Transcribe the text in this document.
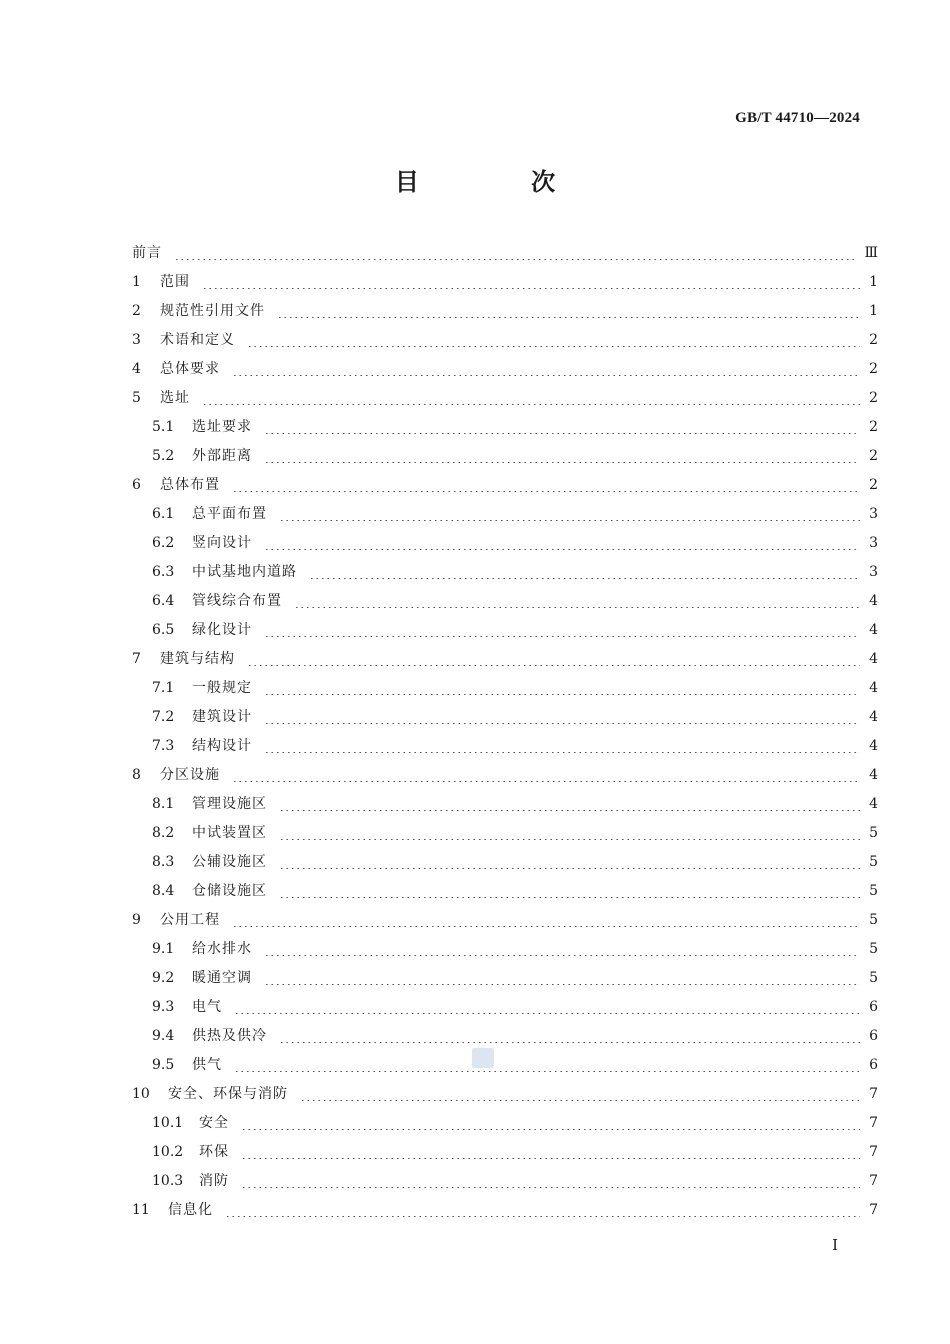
GB/T 44710—2024
目 次
前言	Ⅲ
1	范围	1
2	规范性引用文件	1
3	术语和定义	2
4	总体要求	2
5	选址	2
5.1	选址要求	2
5.2	外部距离	2
6	总体布置	2
6.1	总平面布置	3
6.2	竖向设计	3
6.3	中试基地内道路	3
6.4	管线综合布置	4
6.5	绿化设计	4
7	建筑与结构	4
7.1	一般规定	4
7.2	建筑设计	4
7.3	结构设计	4
8	分区设施	4
8.1	管理设施区	4
8.2	中试装置区	5
8.3	公辅设施区	5
8.4	仓储设施区	5
9	公用工程	5
9.1	给水排水	5
9.2	暖通空调	5
9.3	电气	6
9.4	供热及供冷	6
9.5	供气	6
10	安全、环保与消防	7
10.1	安全	7
10.2	环保	7
10.3	消防	7
11	信息化	7
I
